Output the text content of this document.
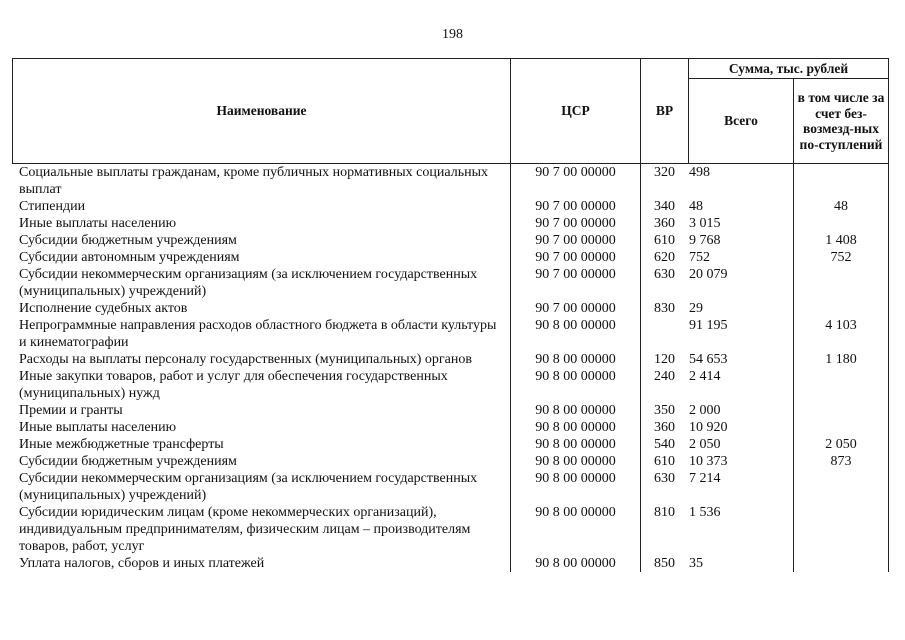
198
Наименование	ЦСР	ВР	Сумма, тыс. рублей	
			Всего	в том числе за счет без-возмезд-ных по-ступлений
Социальные выплаты гражданам, кроме публичных нормативных социальных выплат	90 7 00 00000	320	498	
Стипендии	90 7 00 00000	340	48	48
Иные выплаты населению	90 7 00 00000	360	3 015	
Субсидии бюджетным учреждениям	90 7 00 00000	610	9 768	1 408
Субсидии автономным учреждениям	90 7 00 00000	620	752	752
Субсидии некоммерческим организациям (за исключением государственных (муниципальных) учреждений)	90 7 00 00000	630	20 079	
Исполнение судебных актов	90 7 00 00000	830	29	
Непрограммные направления расходов областного бюджета в области культуры и кинематографии	90 8 00 00000		91 195	4 103
Расходы на выплаты персоналу государственных (муниципальных) органов	90 8 00 00000	120	54 653	1 180
Иные закупки товаров, работ и услуг для обеспечения государственных (муниципальных) нужд	90 8 00 00000	240	2 414	
Премии и гранты	90 8 00 00000	350	2 000	
Иные выплаты населению	90 8 00 00000	360	10 920	
Иные межбюджетные трансферты	90 8 00 00000	540	2 050	2 050
Субсидии бюджетным учреждениям	90 8 00 00000	610	10 373	873
Субсидии некоммерческим организациям (за исключением государственных (муниципальных) учреждений)	90 8 00 00000	630	7 214	
Субсидии юридическим лицам (кроме некоммерческих организаций), индивидуальным предпринимателям, физическим лицам – производителям товаров, работ, услуг	90 8 00 00000	810	1 536	
Уплата налогов, сборов и иных платежей	90 8 00 00000	850	35	
